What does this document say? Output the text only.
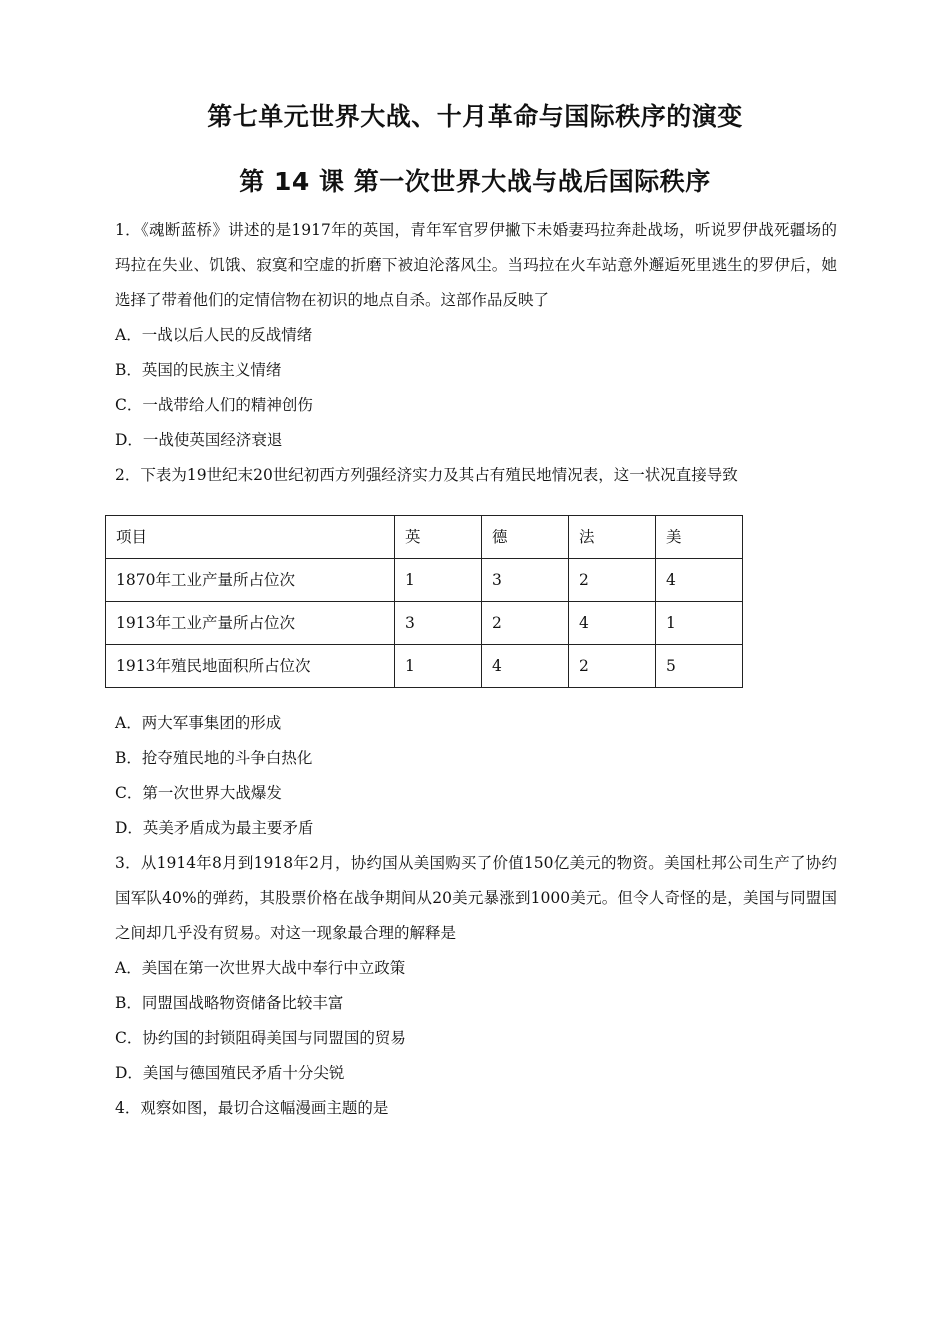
第七单元世界大战、十月革命与国际秩序的演变
第 14 课 第一次世界大战与战后国际秩序

1．《魂断蓝桥》讲述的是1917年的英国，青年军官罗伊撇下未婚妻玛拉奔赴战场，听说罗伊战死疆场的玛拉在失业、饥饿、寂寞和空虚的折磨下被迫沦落风尘。当玛拉在火车站意外邂逅死里逃生的罗伊后，她选择了带着他们的定情信物在初识的地点自杀。这部作品反映了

A．一战以后人民的反战情绪

B．英国的民族主义情绪

C．一战带给人们的精神创伤

D．一战使英国经济衰退

2．下表为19世纪末20世纪初西方列强经济实力及其占有殖民地情况表，这一状况直接导致

项目	英	德	法	美
1870年工业产量所占位次	1	3	2	4
1913年工业产量所占位次	3	2	4	1
1913年殖民地面积所占位次	1	4	2	5

A．两大军事集团的形成

B．抢夺殖民地的斗争白热化

C．第一次世界大战爆发

D．英美矛盾成为最主要矛盾

3．从1914年8月到1918年2月，协约国从美国购买了价值150亿美元的物资。美国杜邦公司生产了协约国军队40%的弹药，其股票价格在战争期间从20美元暴涨到1000美元。但令人奇怪的是，美国与同盟国之间却几乎没有贸易。对这一现象最合理的解释是

A．美国在第一次世界大战中奉行中立政策

B．同盟国战略物资储备比较丰富

C．协约国的封锁阻碍美国与同盟国的贸易

D．美国与德国殖民矛盾十分尖锐

4．观察如图，最切合这幅漫画主题的是
